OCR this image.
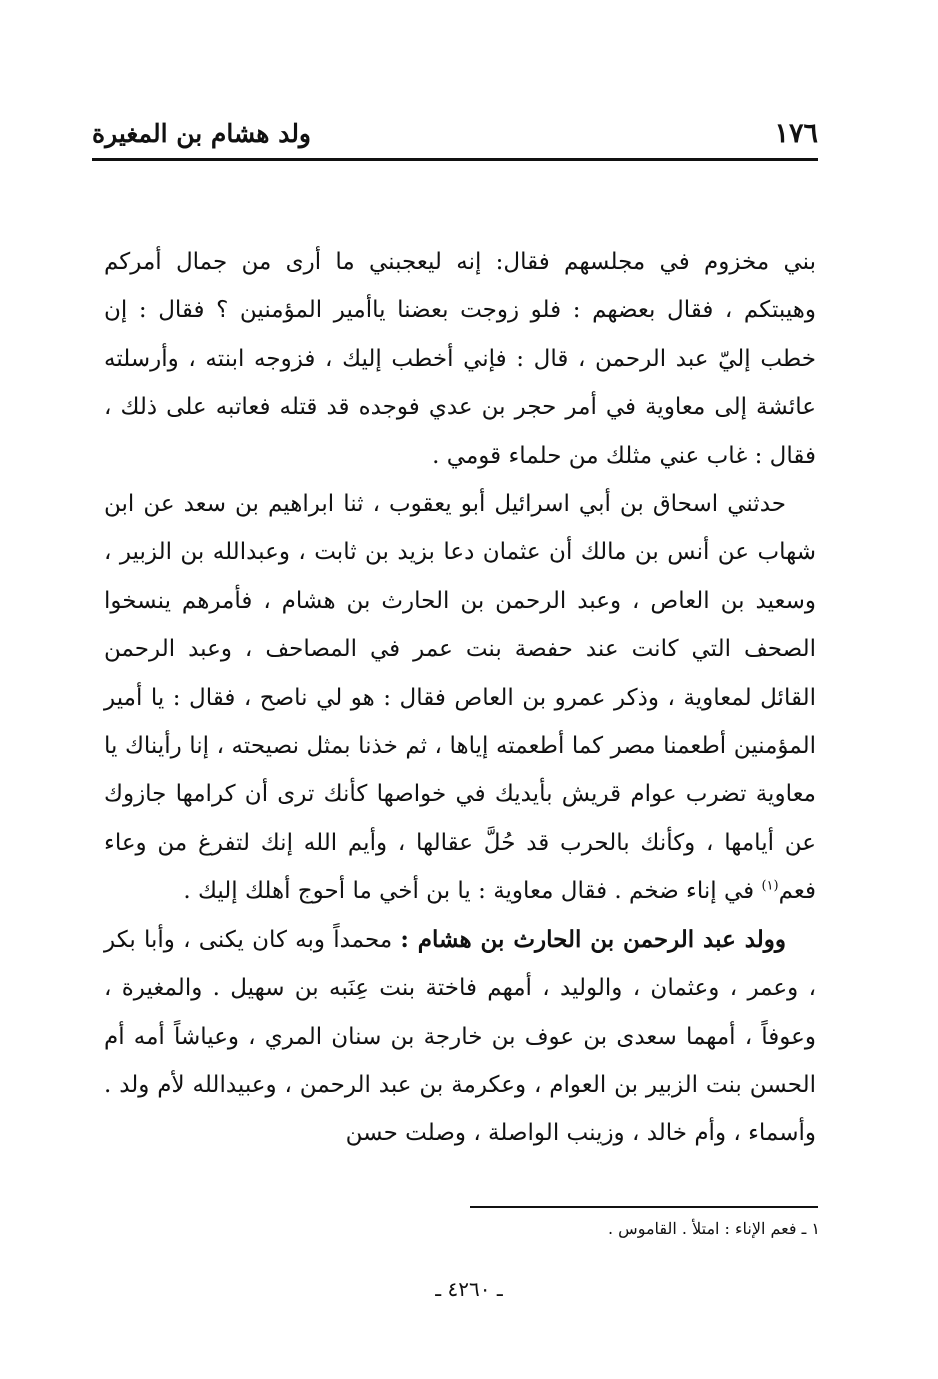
١٧٦

ولد هشام بن المغيرة

بني مخزوم في مجلسهم فقال: إنه ليعجبني ما أرى من جمال أمركم وهيبتكم ، فقال بعضهم : فلو زوجت بعضنا ياأمير المؤمنين ؟ فقال : إن خطب إليّ عبد الرحمن ، قال : فإني أخطب إليك ، فزوجه ابنته ، وأرسلته عائشة إلى معاوية في أمر حجر بن عدي فوجده قد قتله فعاتبه على ذلك ، فقال : غاب عني مثلك من حلماء قومي .

حدثني اسحاق بن أبي اسرائيل أبو يعقوب ، ثنا ابراهيم بن سعد عن ابن شهاب عن أنس بن مالك أن عثمان دعا بزيد بن ثابت ، وعبدالله بن الزبير ، وسعيد بن العاص ، وعبد الرحمن بن الحارث بن هشام ، فأمرهم ينسخوا الصحف التي كانت عند حفصة بنت عمر في المصاحف ، وعبد الرحمن القائل لمعاوية ، وذكر عمرو بن العاص فقال : هو لي ناصح ، فقال : يا أمير المؤمنين أطعمنا مصر كما أطعمته إياها ، ثم خذنا بمثل نصيحته ، إنا رأيناك يا معاوية تضرب عوام قريش بأيديك في خواصها كأنك ترى أن كرامها جازوك عن أيامها ، وكأنك بالحرب قد حُلَّ عقالها ، وأيم الله إنك لتفرغ من وعاء فعم$^{(١)}$ في إناء ضخم . فقال معاوية : يا بن أخي ما أحوج أهلك إليك .

وولد عبد الرحمن بن الحارث بن هشام : محمداً وبه كان يكنى ، وأبا بكر ، وعمر ، وعثمان ، والوليد ، أمهم فاختة بنت عِنَبه بن سهيل . والمغيرة ، وعوفاً ، أمهما سعدى بن عوف بن خارجة بن سنان المري ، وعياشاً أمه أم الحسن بنت الزبير بن العوام ، وعكرمة بن عبد الرحمن ، وعبيدالله لأم ولد . وأسماء ، وأم خالد ، وزينب الواصلة ، وصلت حسن

١ ـ فعم الإناء : امتلأ . القاموس .

ـ ٤٢٦٠ ـ
